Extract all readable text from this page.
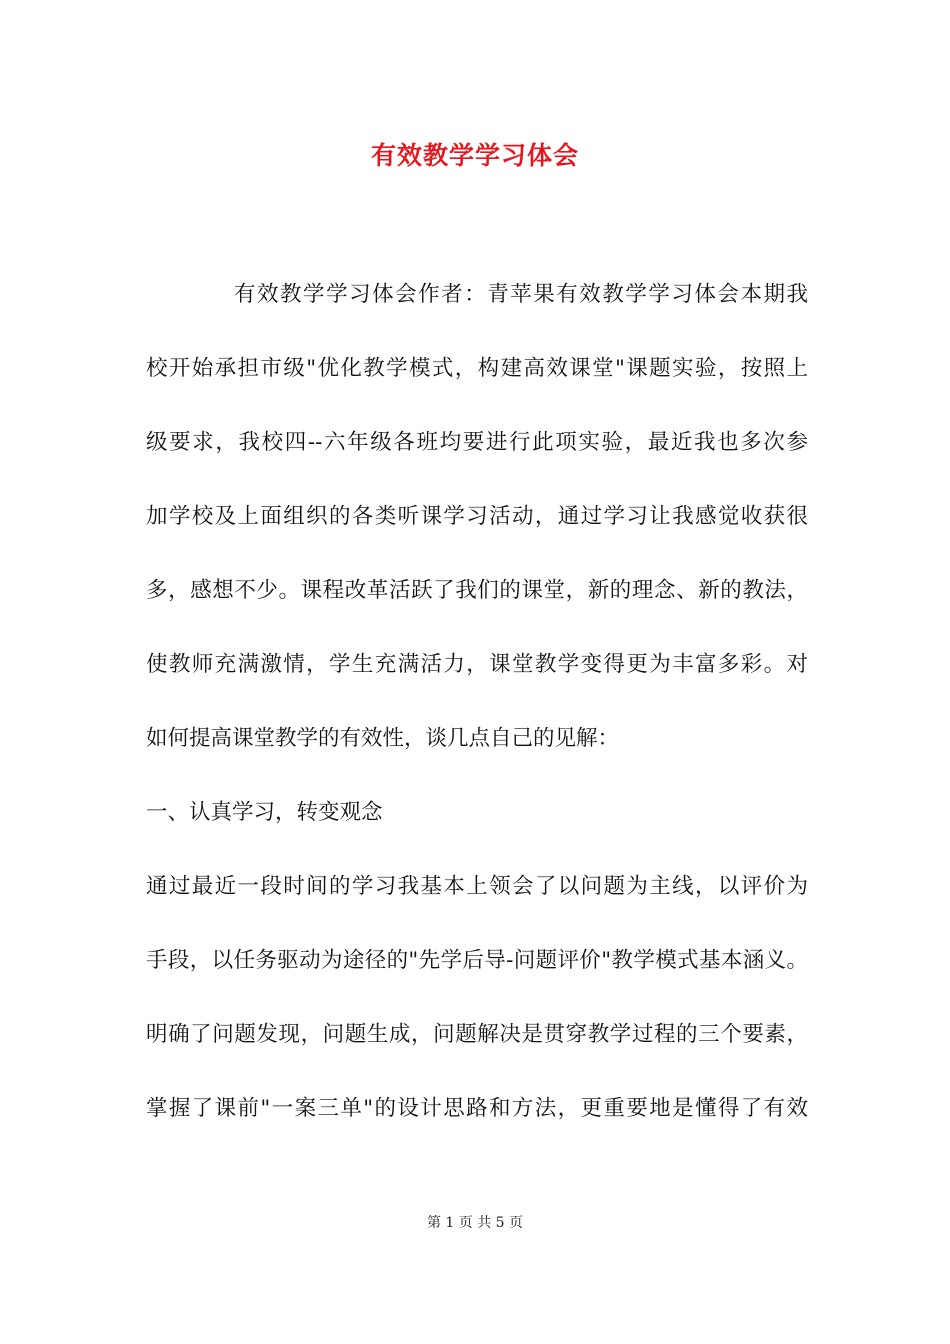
有效教学学习体会
有效教学学习体会作者：青苹果有效教学学习体会本期我
校开始承担市级"优化教学模式，构建高效课堂"课题实验，按照上
级要求，我校四--六年级各班均要进行此项实验，最近我也多次参
加学校及上面组织的各类听课学习活动，通过学习让我感觉收获很
多，感想不少。课程改革活跃了我们的课堂，新的理念、新的教法，
使教师充满激情，学生充满活力，课堂教学变得更为丰富多彩。对
如何提高课堂教学的有效性，谈几点自己的见解：
一、认真学习，转变观念
通过最近一段时间的学习我基本上领会了以问题为主线，以评价为
手段，以任务驱动为途径的"先学后导-问题评价"教学模式基本涵义。
明确了问题发现，问题生成，问题解决是贯穿教学过程的三个要素，
掌握了课前"一案三单"的设计思路和方法，更重要地是懂得了有效
第 1 页 共 5 页
